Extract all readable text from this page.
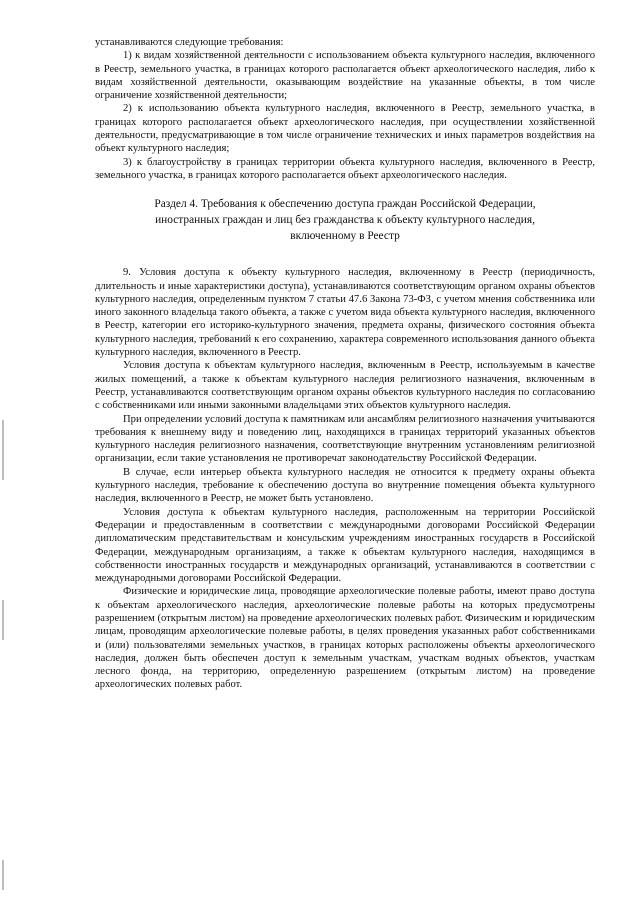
устанавливаются следующие требования:

1) к видам хозяйственной деятельности с использованием объекта культурного наследия, включенного в Реестр, земельного участка, в границах которого располагается объект археологического наследия, либо к видам хозяйственной деятельности, оказывающим воздействие на указанные объекты, в том числе ограничение хозяйственной деятельности;

2) к использованию объекта культурного наследия, включенного в Реестр, земельного участка, в границах которого располагается объект археологического наследия, при осуществлении хозяйственной деятельности, предусматривающие в том числе ограничение технических и иных параметров воздействия на объект культурного наследия;

3) к благоустройству в границах территории объекта культурного наследия, включенного в Реестр, земельного участка, в границах которого располагается объект археологического наследия.

Раздел 4. Требования к обеспечению доступа граждан Российской Федерации,
иностранных граждан и лиц без гражданства к объекту культурного наследия,
включенному в Реестр

9. Условия доступа к объекту культурного наследия, включенному в Реестр (периодичность, длительность и иные характеристики доступа), устанавливаются соответствующим органом охраны объектов культурного наследия, определенным пунктом 7 статьи 47.6 Закона 73-ФЗ, с учетом мнения собственника или иного законного владельца такого объекта, а также с учетом вида объекта культурного наследия, включенного в Реестр, категории его историко-культурного значения, предмета охраны, физического состояния объекта культурного наследия, требований к его сохранению, характера современного использования данного объекта культурного наследия, включенного в Реестр.

Условия доступа к объектам культурного наследия, включенным в Реестр, используемым в качестве жилых помещений, а также к объектам культурного наследия религиозного назначения, включенным в Реестр, устанавливаются соответствующим органом охраны объектов культурного наследия по согласованию с собственниками или иными законными владельцами этих объектов культурного наследия.

При определении условий доступа к памятникам или ансамблям религиозного назначения учитываются требования к внешнему виду и поведению лиц, находящихся в границах территорий указанных объектов культурного наследия религиозного назначения, соответствующие внутренним установлениям религиозной организации, если такие установления не противоречат законодательству Российской Федерации.

В случае, если интерьер объекта культурного наследия не относится к предмету охраны объекта культурного наследия, требование к обеспечению доступа во внутренние помещения объекта культурного наследия, включенного в Реестр, не может быть установлено.

Условия доступа к объектам культурного наследия, расположенным на территории Российской Федерации и предоставленным в соответствии с международными договорами Российской Федерации дипломатическим представительствам и консульским учреждениям иностранных государств в Российской Федерации, международным организациям, а также к объектам культурного наследия, находящимся в собственности иностранных государств и международных организаций, устанавливаются в соответствии с международными договорами Российской Федерации.

Физические и юридические лица, проводящие археологические полевые работы, имеют право доступа к объектам археологического наследия, археологические полевые работы на которых предусмотрены разрешением (открытым листом) на проведение археологических полевых работ. Физическим и юридическим лицам, проводящим археологические полевые работы, в целях проведения указанных работ собственниками и (или) пользователями земельных участков, в границах которых расположены объекты археологического наследия, должен быть обеспечен доступ к земельным участкам, участкам водных объектов, участкам лесного фонда, на территорию, определенную разрешением (открытым листом) на проведение археологических полевых работ.
